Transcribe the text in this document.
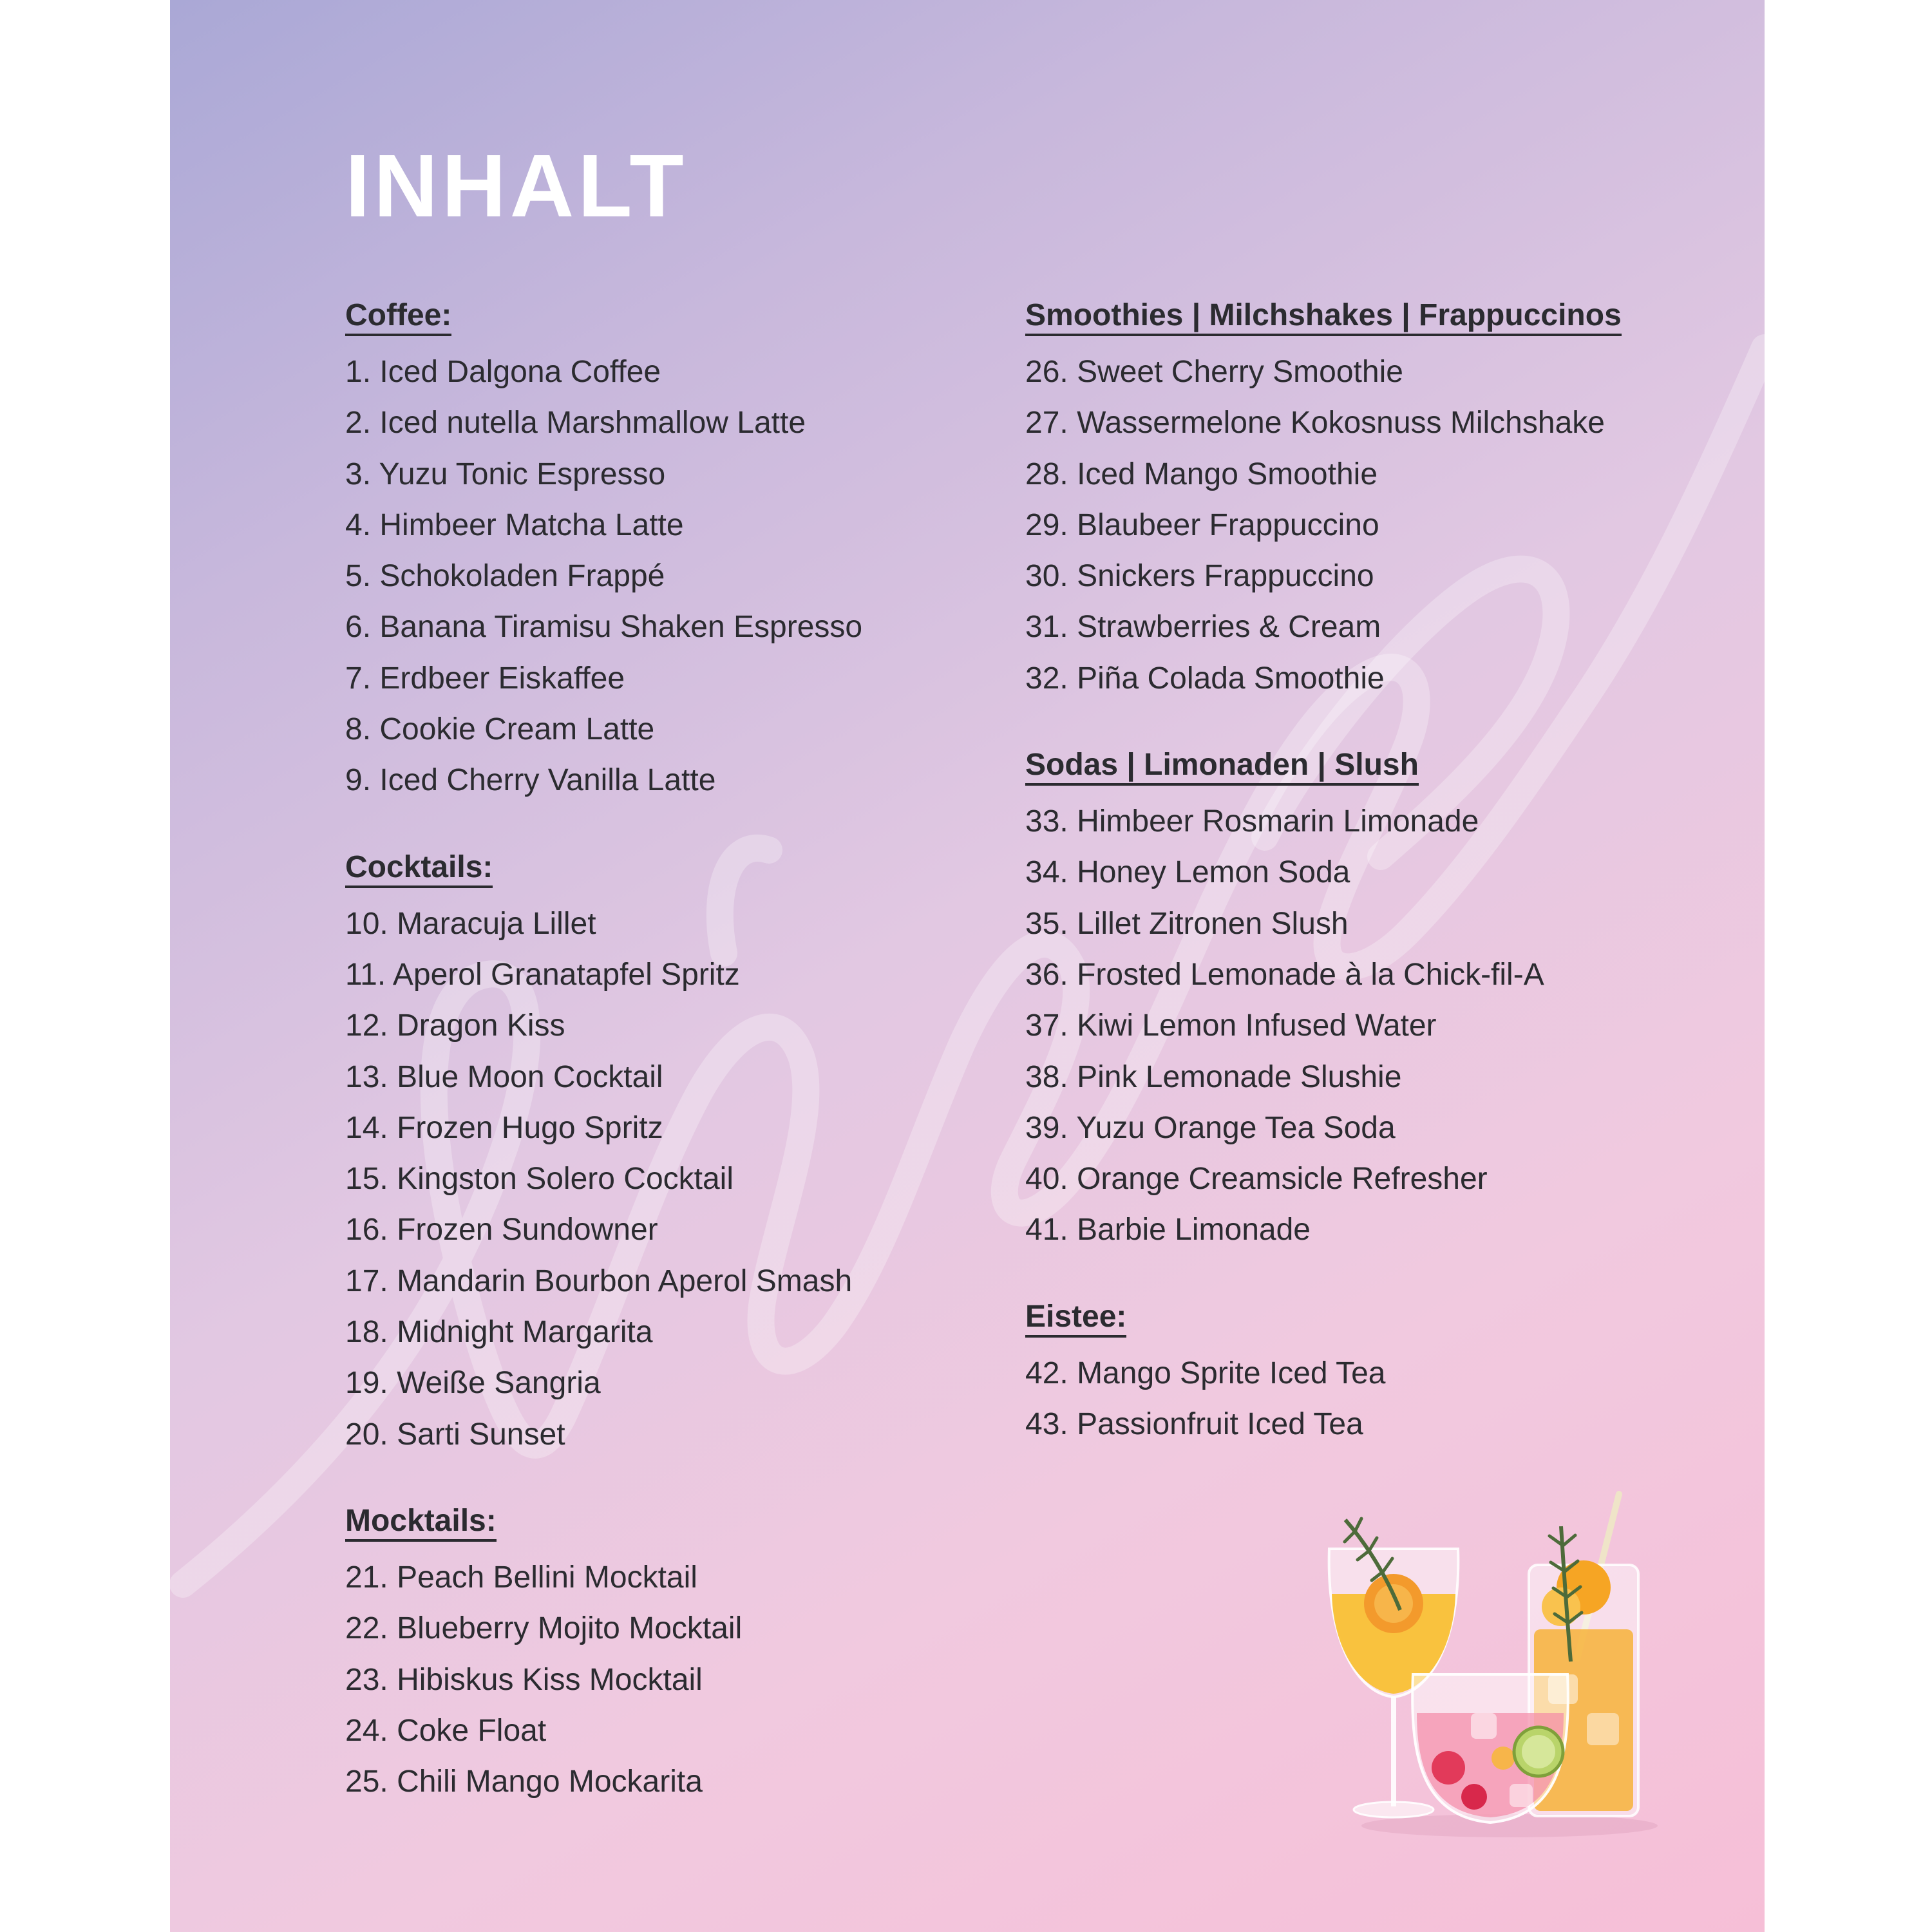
INHALT
Coffee:
1. Iced Dalgona Coffee
2. Iced nutella Marshmallow Latte
3. Yuzu Tonic Espresso
4. Himbeer Matcha Latte
5. Schokoladen Frappé
6. Banana Tiramisu Shaken Espresso
7. Erdbeer Eiskaffee
8. Cookie Cream Latte
9. Iced Cherry Vanilla Latte
Cocktails:
10. Maracuja Lillet
11. Aperol Granatapfel Spritz
12. Dragon Kiss
13. Blue Moon Cocktail
14. Frozen Hugo Spritz
15. Kingston Solero Cocktail
16. Frozen Sundowner
17. Mandarin Bourbon Aperol Smash
18. Midnight Margarita
19. Weiße Sangria
20. Sarti Sunset
Mocktails:
21. Peach Bellini Mocktail
22. Blueberry Mojito Mocktail
23. Hibiskus Kiss Mocktail
24. Coke Float
25. Chili Mango Mockarita
Smoothies | Milchshakes | Frappuccinos
26. Sweet Cherry Smoothie
27. Wassermelone Kokosnuss Milchshake
28. Iced Mango Smoothie
29. Blaubeer Frappuccino
30. Snickers Frappuccino
31. Strawberries & Cream
32. Piña Colada Smoothie
Sodas | Limonaden | Slush
33. Himbeer Rosmarin Limonade
34. Honey Lemon Soda
35. Lillet Zitronen Slush
36. Frosted Lemonade à la Chick-fil-A
37. Kiwi Lemon Infused Water
38. Pink Lemonade Slushie
39. Yuzu Orange Tea Soda
40. Orange Creamsicle Refresher
41. Barbie Limonade
Eistee:
42. Mango Sprite Iced Tea
43. Passionfruit Iced Tea
